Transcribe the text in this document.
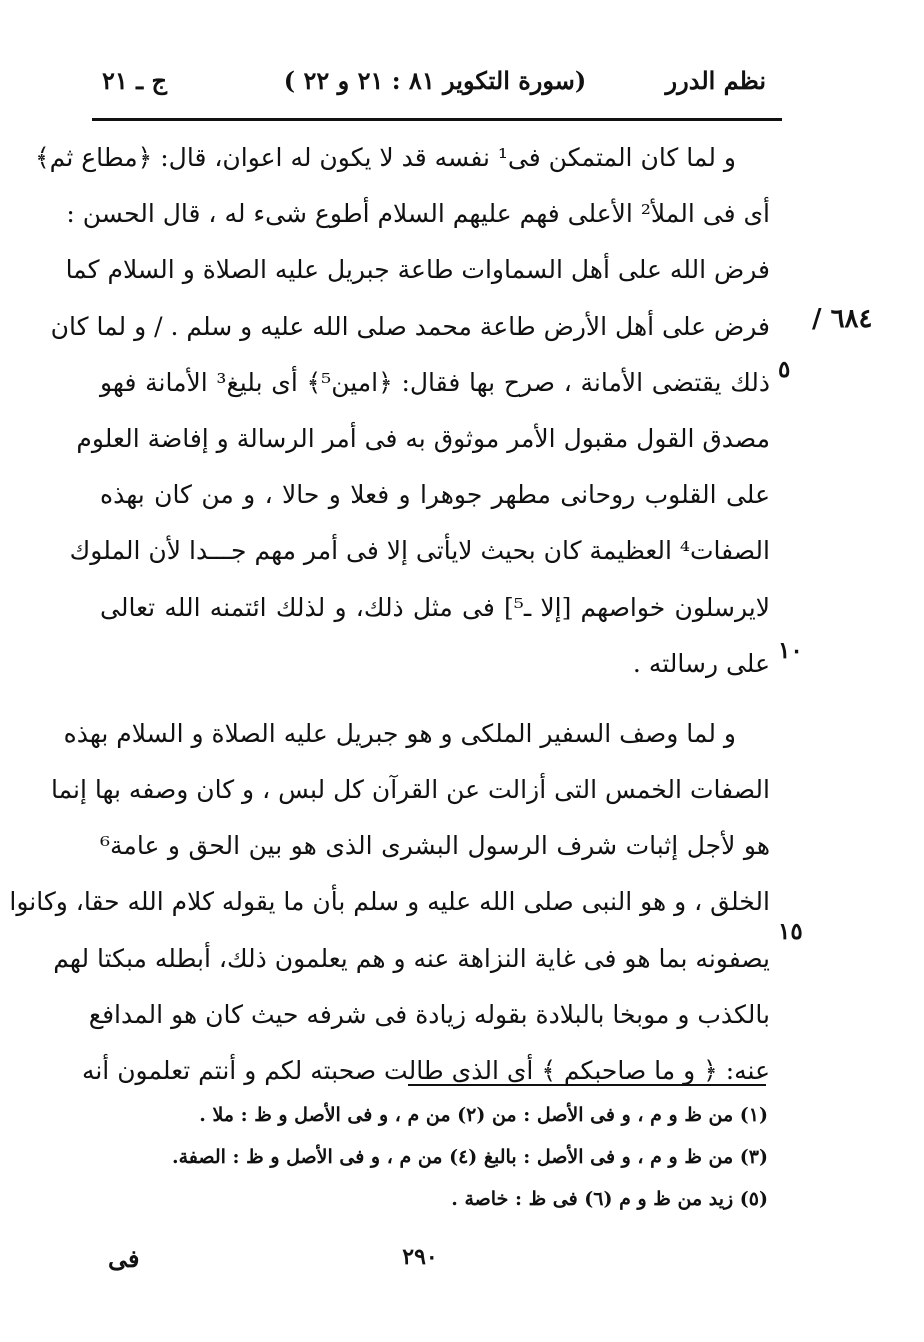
نظم الدرر
(سورة التكوير ٨١ : ٢١ و ٢٢ )
ج ـ ٢١
٦٨٤ /
٥
١٠
١٥
و لما كان المتمكن فى¹ نفسه قد لا يكون له اعوان، قال: ﴿مطاع ثم﴾
أى فى الملأ² الأعلى فهم عليهم السلام أطوع شىء له ، قال الحسن :
فرض الله على أهل السماوات طاعة جبريل عليه الصلاة و السلام كما
فرض على أهل الأرض طاعة محمد صلى الله عليه و سلم . / و لما كان
ذلك يقتضى الأمانة ، صرح بها فقال: ﴿امين⁵﴾ أى بليغ³ الأمانة فهو
مصدق القول مقبول الأمر موثوق به فى أمر الرسالة و إفاضة العلوم
على القلوب روحانى مطهر جوهرا و فعلا و حالا ، و من كان بهذه
الصفات⁴ العظيمة كان بحيث لايأتى إلا فى أمر مهم جـــدا لأن الملوك
لايرسلون خواصهم [إلا ـ⁵] فى مثل ذلك، و لذلك ائتمنه الله تعالى
على رسالته .
و لما وصف السفير الملكى و هو جبريل عليه الصلاة و السلام بهذه
الصفات الخمس التى أزالت عن القرآن كل لبس ، و كان وصفه بها إنما
هو لأجل إثبات شرف الرسول البشرى الذى هو بين الحق و عامة⁶
الخلق ، و هو النبى صلى الله عليه و سلم بأن ما يقوله كلام الله حقا، وكانوا
يصفونه بما هو فى غاية النزاهة عنه و هم يعلمون ذلك، أبطله مبكتا لهم
بالكذب و موبخا بالبلادة بقوله زيادة فى شرفه حيث كان هو المدافع
عنه: ﴿ و ما صاحبكم ﴾ أى الذى طالت صحبته لكم و أنتم تعلمون أنه
(١) من ظ و م ، و فى الأصل : من (٢) من م ، و فى الأصل و ظ : ملا .
(٣) من ظ و م ، و فى الأصل : بالبغ (٤) من م ، و فى الأصل و ظ : الصفة.
(٥) زيد من ظ و م (٦) فى ظ : خاصة .
٢٩٠
فى
